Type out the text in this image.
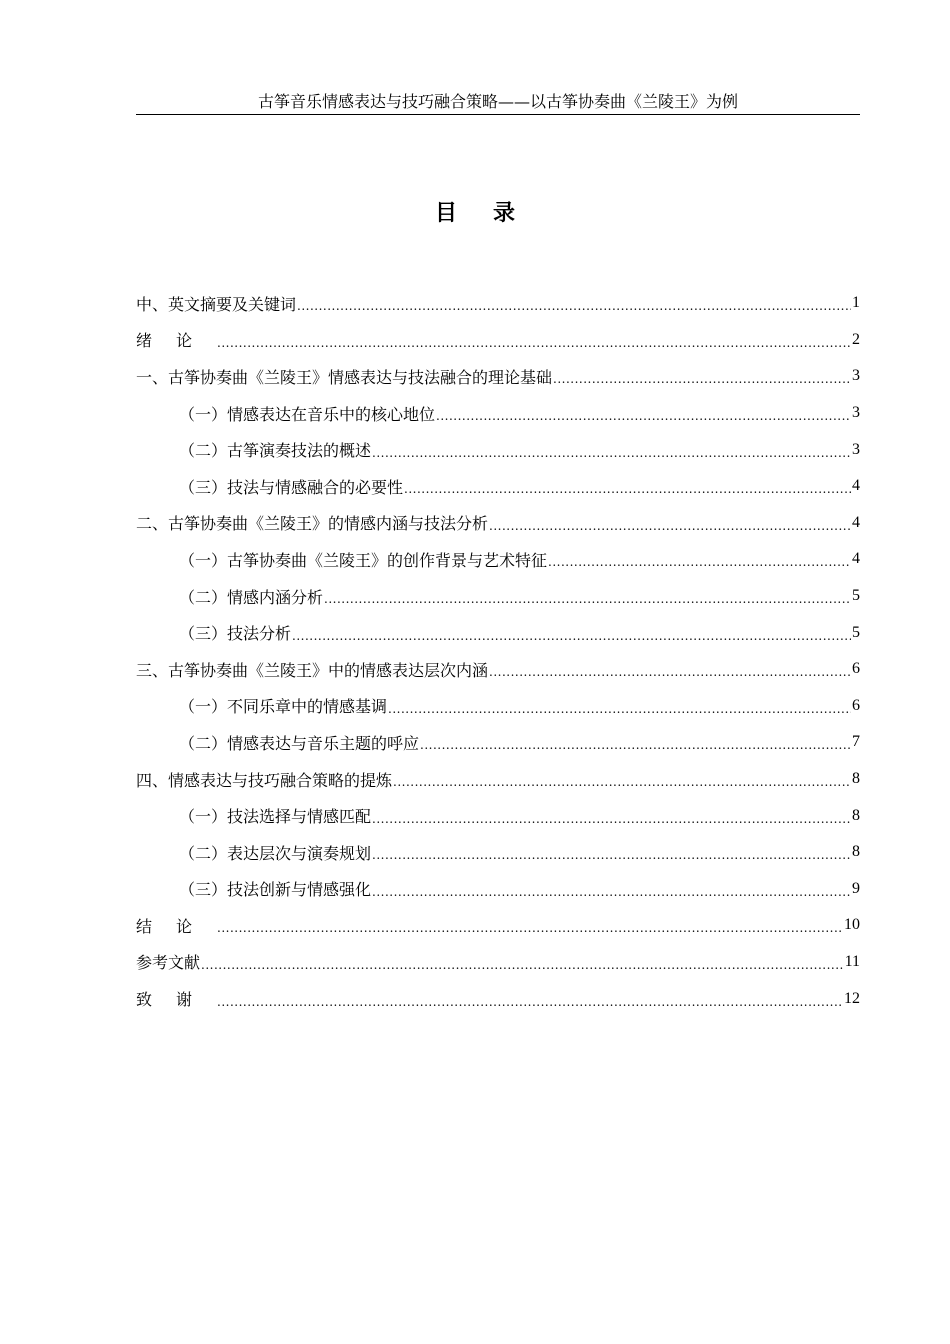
古筝音乐情感表达与技巧融合策略——以古筝协奏曲《兰陵王》为例
目录
中、英文摘要及关键词 .....	1
绪论 .....	2
一、古筝协奏曲《兰陵王》情感表达与技法融合的理论基础 .....	3
（一）情感表达在音乐中的核心地位 .....	3
（二）古筝演奏技法的概述 .....	3
（三）技法与情感融合的必要性 .....	4
二、古筝协奏曲《兰陵王》的情感内涵与技法分析 .....	4
（一）古筝协奏曲《兰陵王》的创作背景与艺术特征 .....	4
（二）情感内涵分析 .....	5
（三）技法分析 .....	5
三、古筝协奏曲《兰陵王》中的情感表达层次内涵 .....	6
（一）不同乐章中的情感基调 .....	6
（二）情感表达与音乐主题的呼应 .....	7
四、情感表达与技巧融合策略的提炼 .....	8
（一）技法选择与情感匹配 .....	8
（二）表达层次与演奏规划 .....	8
（三）技法创新与情感强化 .....	9
结论 .....	10
参考文献 .....	11
致谢 .....	12
